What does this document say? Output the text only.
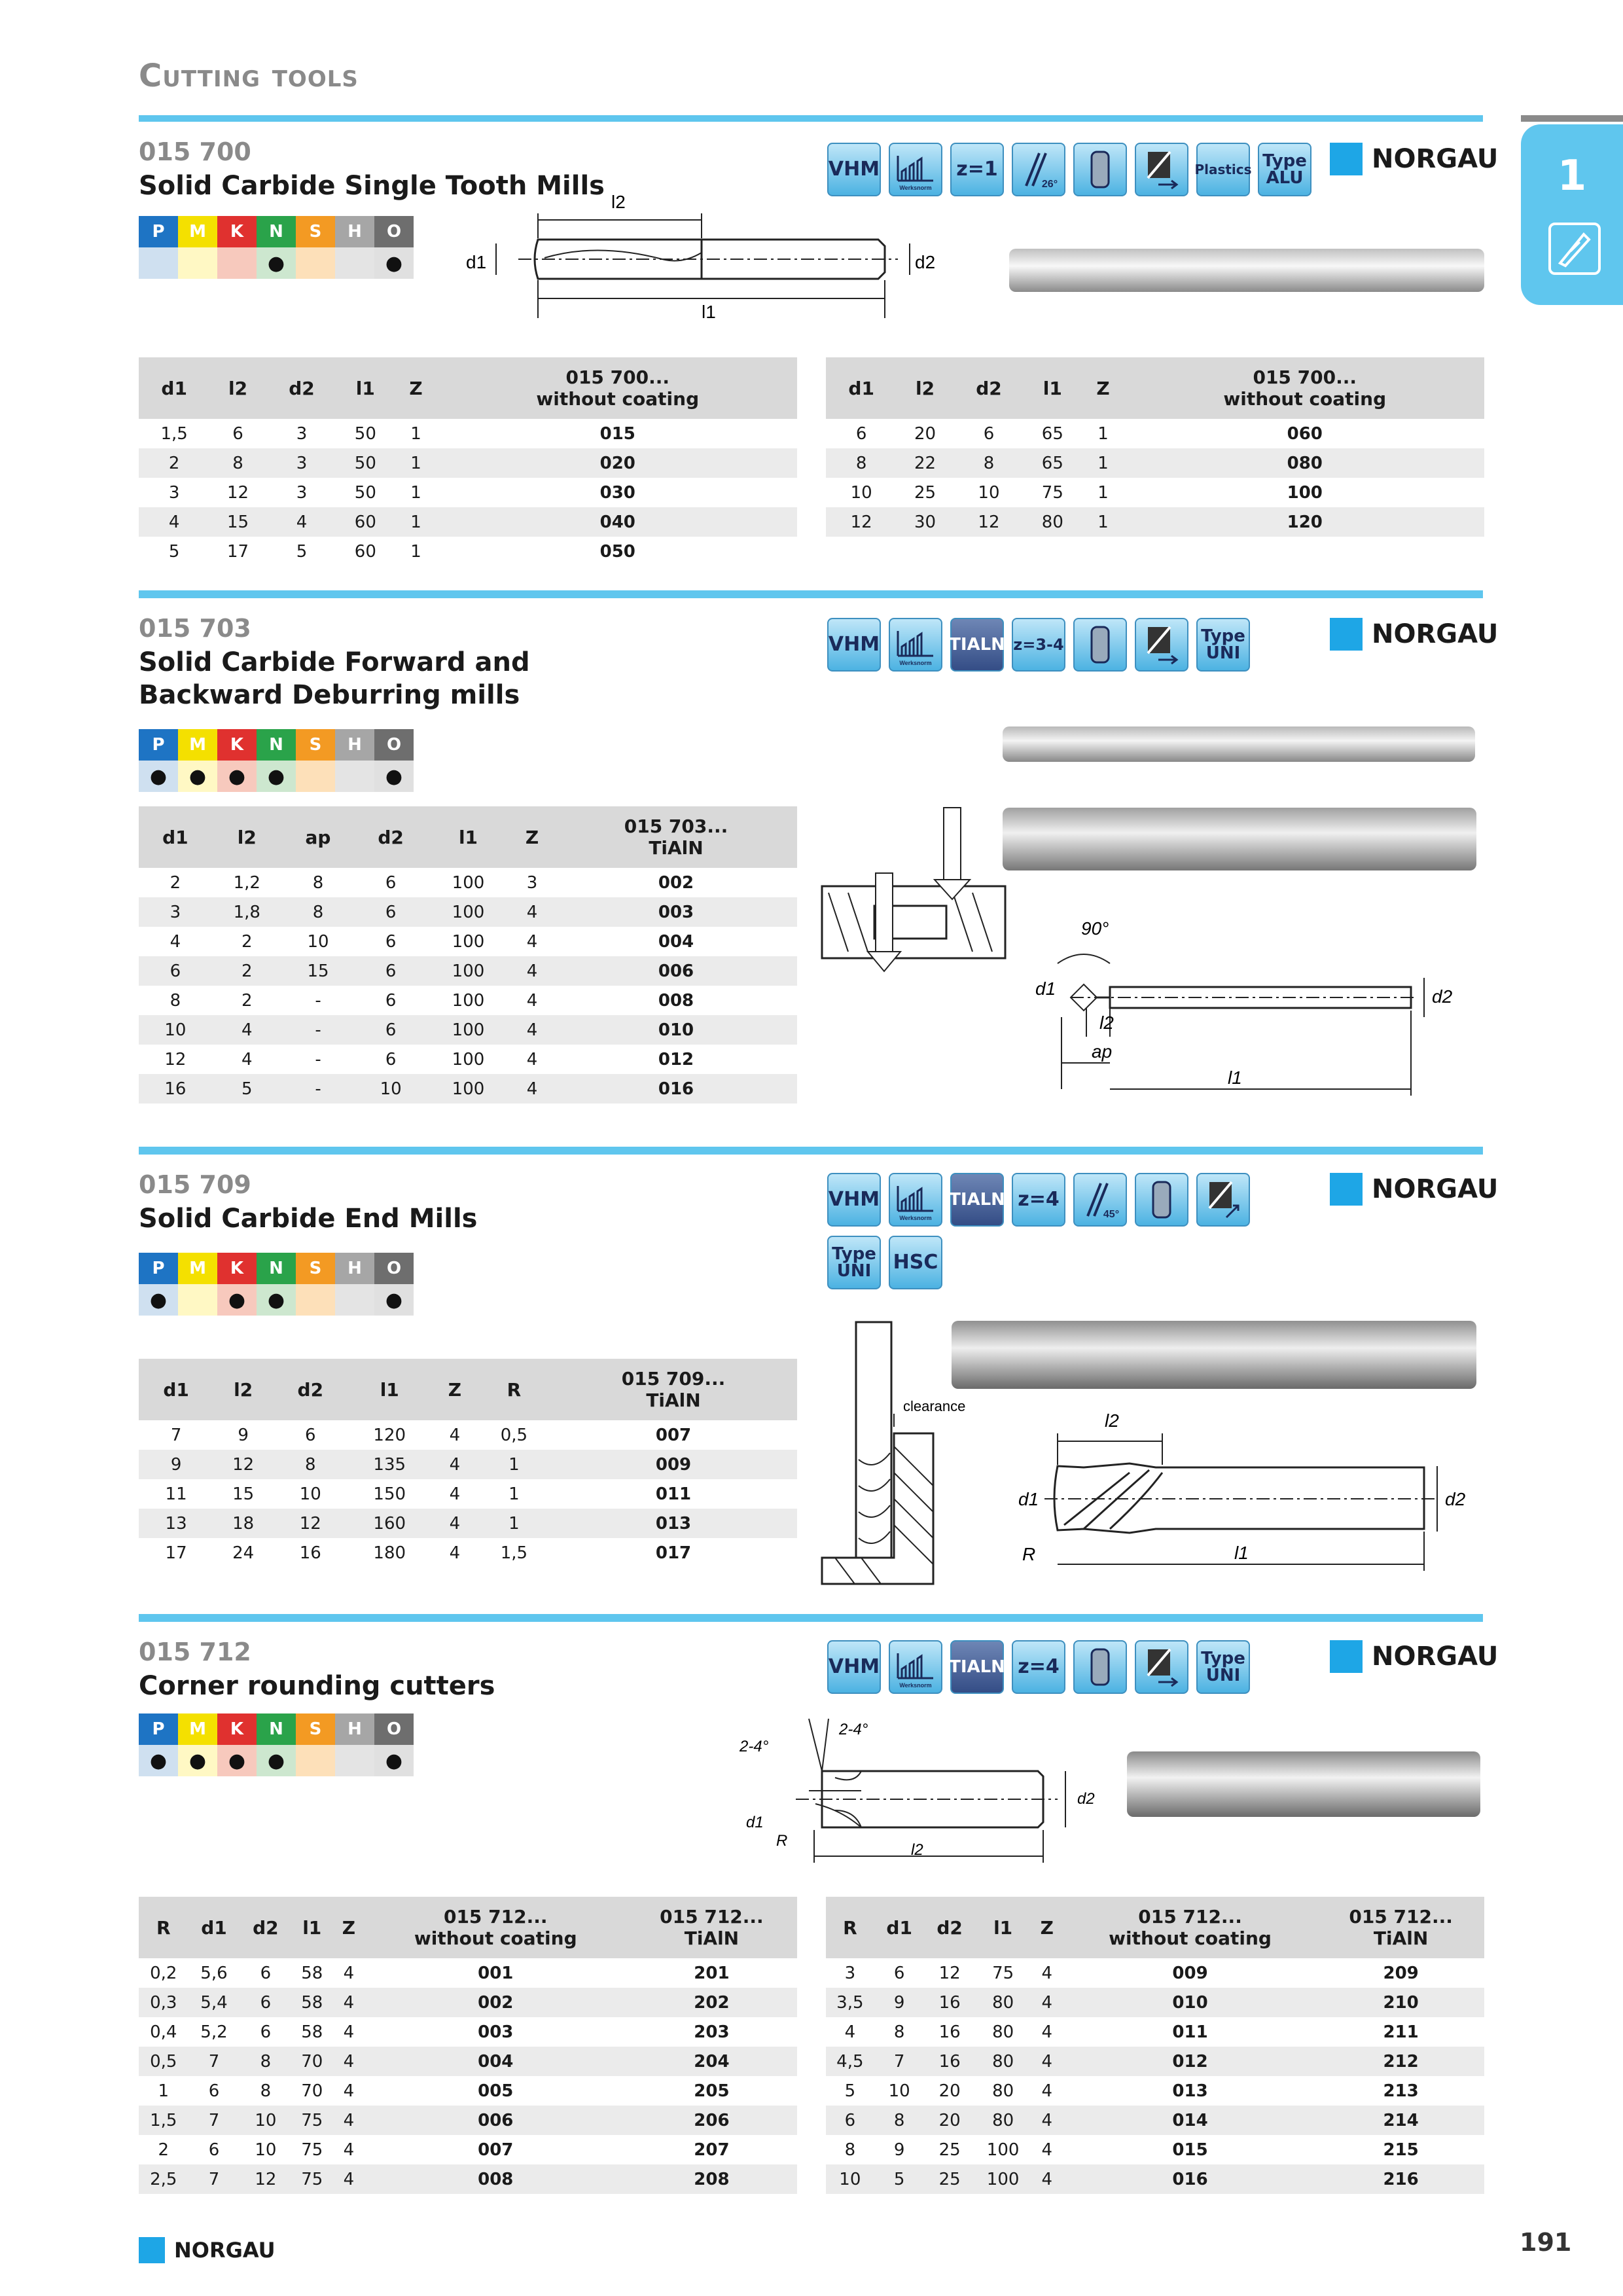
Cutting tools
1
015 700
Solid Carbide Single Tooth Mills
P	M	K	N	S	H	O
●	●
VHM
Werksnorm
z=1
26°
Plastics Type ALU
NORGAU
l2
d1	d2
l1
d1	l2	d2	l1	Z	015 700...
without coating
1,5	6	3	50	1	015
2	8	3	50	1	020
3	12	3	50	1	030
4	15	4	60	1	040
5	17	5	60	1	050
d1	l2	d2	l1	Z	015 700...
without coating
6	20	6	65	1	060
8	22	8	65	1	080
10	25	10	75	1	100
12	30	12	80	1	120
015 703
Solid Carbide Forward and
Backward Deburring mills
P	M	K	N	S	H	O
●	●	●	●	●
VHM
Werksnorm
TIALN z=3-4	Type UNI
NORGAU
90°
d1	d2
l2
ap
l1
d1	l2	ap	d2	l1	Z	015 703...
TiAlN
2	1,2	8	6	100	3	002
3	1,8	8	6	100	4	003
4	2	10	6	100	4	004
6	2	15	6	100	4	006
8	2	-	6	100	4	008
10	4	-	6	100	4	010
12	4	-	6	100	4	012
16	5	-	10	100	4	016
015 709
Solid Carbide End Mills
P	M	K	N	S	H	O
●	●	●	●
VHM
Werksnorm
TIALN z=4
45°
Type UNI	HSC
NORGAU
clearance
l2
d1	d2
R	l1
d1	l2	d2	l1	Z	R	015 709...
TiAlN
7	9	6	120	4	0,5	007
9	12	8	135	4	1	009
11	15	10	150	4	1	011
13	18	12	160	4	1	013
17	24	16	180	4	1,5	017
015 712
Corner rounding cutters
P	M	K	N	S	H	O
●	●	●	●	●
VHM
Werksnorm
TIALN z=4	Type UNI
NORGAU
2-4°
2-4°
d1
d2
R
l2
R	d1	d2	l1	Z	015 712...
without coating	015 712...
TiAlN
0,2	5,6	6	58	4	001	201
0,3	5,4	6	58	4	002	202
0,4	5,2	6	58	4	003	203
0,5	7	8	70	4	004	204
1	6	8	70	4	005	205
1,5	7	10	75	4	006	206
2	6	10	75	4	007	207
2,5	7	12	75	4	008	208
R	d1	d2	l1	Z	015 712...
without coating	015 712...
TiAlN
3	6	12	75	4	009	209
3,5	9	16	80	4	010	210
4	8	16	80	4	011	211
4,5	7	16	80	4	012	212
5	10	20	80	4	013	213
6	8	20	80	4	014	214
8	9	25	100	4	015	215
10	5	25	100	4	016	216
NORGAU	191
